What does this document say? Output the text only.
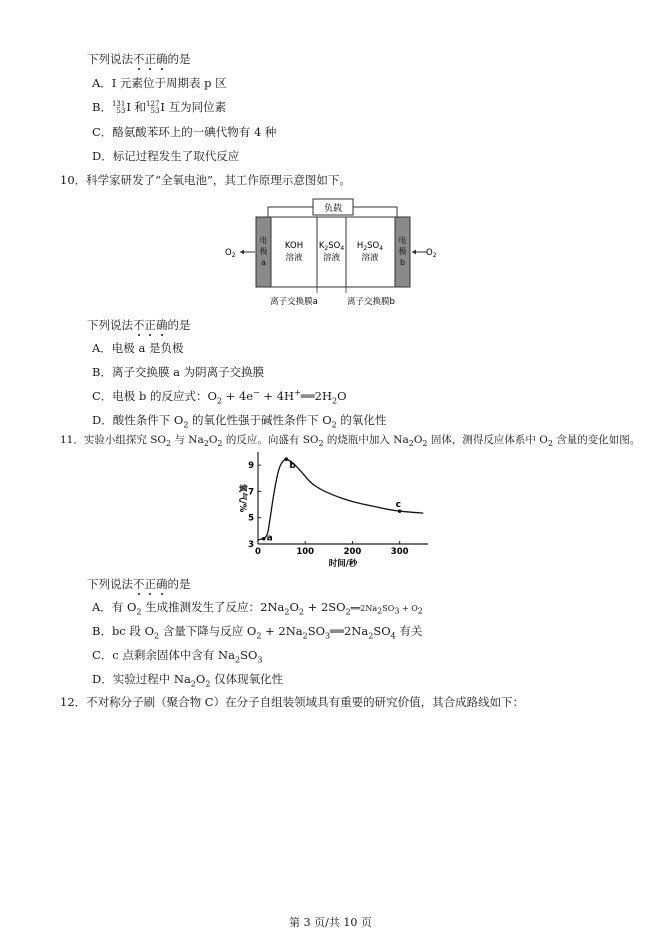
下列说法不正确的是
A．I 元素位于周期表 p 区
B． 131
53 I 和 127
53 I 互为同位素
C．酪氨酸苯环上的一碘代物有 4 种
D．标记过程发生了取代反应
10．科学家研发了“全氧电池”，其工作原理示意图如下。
负载
电
极
a
电
极
b
KOH
溶液
$K_2SO_4$
溶液
$H_2SO_4$
溶液
$O_2$	$O_2$
离子交换膜a	离子交换膜b
下列说法不正确的是
A．电极 a 是负极
B．离子交换膜 a 为阴离子交换膜
C．电极 b 的反应式：$O_2 + 4e^-$ + $4H^+══2H_2O$
D．酸性条件下 $O_2$ 的氧化性强于碱性条件下 $O_2$ 的氧化性
11．实验小组探究 $SO_2$ 与 $Na_2O_2$ 的反应。向盛有 $SO_2$ 的烧瓶中加入 $Na_2O_2$ 固体，测得反应体系中 $O_2$ 含量的变化如图。
0	100	200	300
3
5
7
9
时间/秒
氧气/%
a
b
c
下列说法不正确的是
A．有 $O_2$ 生成推测发生了反应：$2Na_2O_2$ + $2SO_2══2Na_2SO_3 + O_2$
B．bc 段 $O_2$ 含量下降与反应 $O_2$ + $2Na_2SO_3══2Na_2SO_4$ 有关
C．c 点剩余固体中含有 $Na_2SO_3$
D．实验过程中 $Na_2O_2$ 仅体现氧化性
12．不对称分子刷（聚合物 C）在分子自组装领域具有重要的研究价值，其合成路线如下：
第 3 页/共 10 页
